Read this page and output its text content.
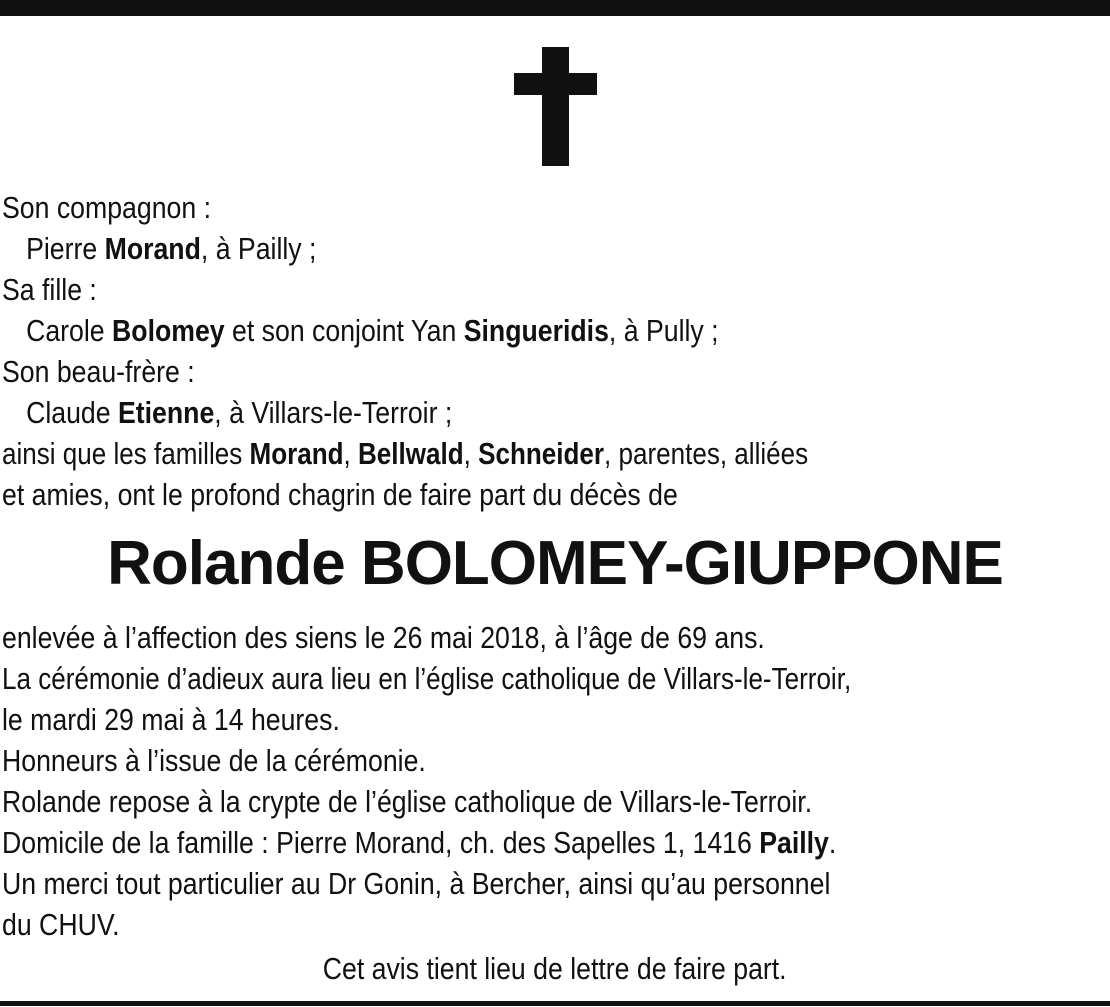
Son compagnon :
Pierre Morand, à Pailly ;
Sa fille :
Carole Bolomey et son conjoint Yan Singueridis, à Pully ;
Son beau-frère :
Claude Etienne, à Villars-le-Terroir ;
ainsi que les familles Morand, Bellwald, Schneider, parentes, alliées
et amies, ont le profond chagrin de faire part du décès de
Rolande BOLOMEY-GIUPPONE
enlevée à l’affection des siens le 26 mai 2018, à l’âge de 69 ans.
La cérémonie d’adieux aura lieu en l’église catholique de Villars-le-Terroir,
le mardi 29 mai à 14 heures.
Honneurs à l’issue de la cérémonie.
Rolande repose à la crypte de l’église catholique de Villars-le-Terroir.
Domicile de la famille : Pierre Morand, ch. des Sapelles 1, 1416 Pailly.
Un merci tout particulier au Dr Gonin, à Bercher, ainsi qu’au personnel
du CHUV.
Cet avis tient lieu de lettre de faire part.
